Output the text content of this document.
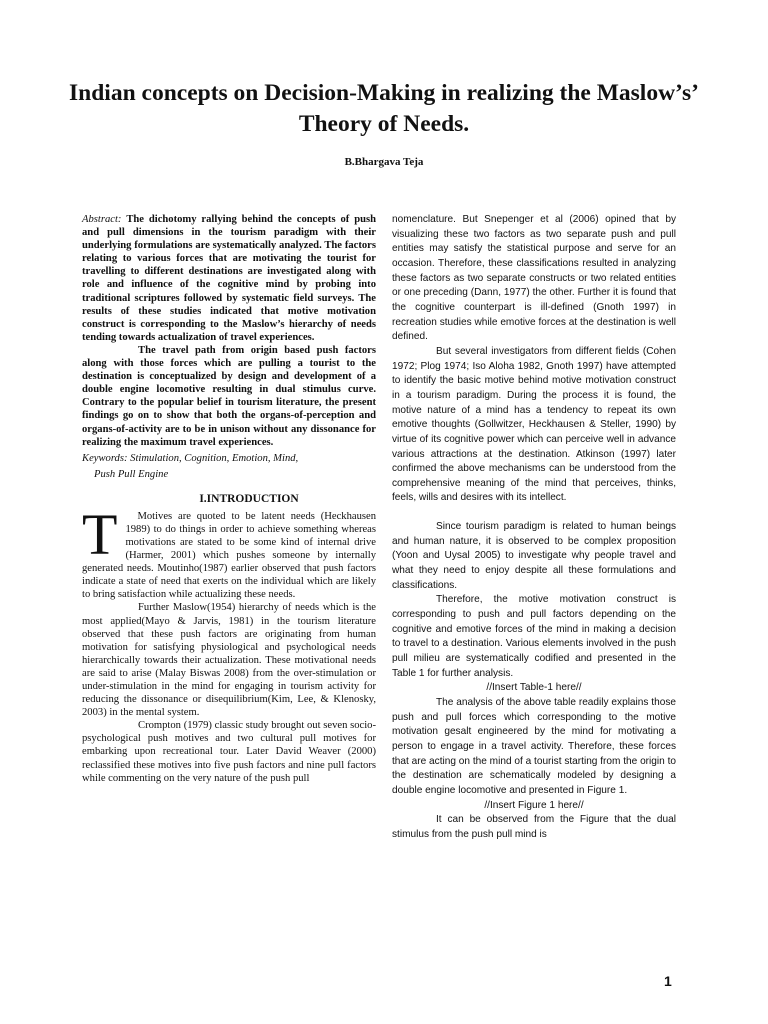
Indian concepts on Decision-Making in realizing the Maslow’s’ Theory of Needs.
B.Bhargava Teja

Abstract: The dichotomy rallying behind the concepts of push and pull dimensions in the tourism paradigm with their underlying formulations are systematically analyzed. The factors relating to various forces that are motivating the tourist for travelling to different destinations are investigated along with role and influence of the cognitive mind by probing into traditional scriptures followed by systematic field surveys. The results of these studies indicated that motive motivation construct is corresponding to the Maslow’s hierarchy of needs tending towards actualization of travel experiences.

The travel path from origin based push factors along with those forces which are pulling a tourist to the destination is conceptualized by design and development of a double engine locomotive resulting in dual stimulus curve. Contrary to the popular belief in tourism literature, the present findings go on to show that both the organs-of-perception and organs-of-activity are to be in unison without any dissonance for realizing the maximum travel experiences.

Keywords: Stimulation, Cognition, Emotion, Mind,

Push Pull Engine

I.INTRODUCTION
T	Motives are quoted to be latent needs (Heckhausen 1989) to do things in order to achieve something whereas motivations are stated to be some kind of internal drive (Harmer, 2001) which pushes someone by internally generated needs. Moutinho(1987) earlier observed that push factors indicate a state of need that exerts on the individual which are likely to bring satisfaction while actualizing these needs.

Further Maslow(1954) hierarchy of needs which is the most applied(Mayo & Jarvis, 1981) in the tourism literature observed that these push factors are originating from human motivation for satisfying physiological and psychological needs hierarchically towards their actualization. These motivational needs are said to arise (Malay Biswas 2008) from the over-stimulation or under-stimulation in the mind for engaging in tourism activity for reducing the dissonance or disequilibrium(Kim, Lee, & Klenosky, 2003) in the mental system.

Crompton (1979) classic study brought out seven socio-psychological push motives and two cultural pull motives for embarking upon recreational tour. Later David Weaver (2000) reclassified these motives into five push factors and nine pull factors while commenting on the very nature of the push pull

nomenclature. But Snepenger et al (2006) opined that by visualizing these two factors as two separate push and pull entities may satisfy the statistical purpose and serve for an occasion. Therefore, these classifications resulted in analyzing these factors as two separate constructs or two related entities or one preceding (Dann, 1977) the other. Further it is found that the cognitive counterpart is ill-defined (Gnoth 1997) in recreation studies while emotive forces at the destination is well defined.

But several investigators from different fields (Cohen 1972; Plog 1974; Iso Aloha 1982, Gnoth 1997) have attempted to identify the basic motive behind motive motivation construct in a tourism paradigm. During the process it is found, the motive nature of a mind has a tendency to repeat its own emotive thoughts (Gollwitzer, Heckhausen & Steller, 1990) by virtue of its cognitive power which can perceive well in advance various attractions at the destination. Atkinson (1997) later confirmed the above mechanisms can be understood from the comprehensive meaning of the mind that perceives, thinks, feels, wills and desires with its intellect.

Since tourism paradigm is related to human beings and human nature, it is observed to be complex proposition (Yoon and Uysal 2005) to investigate why people travel and what they need to enjoy despite all these formulations and classifications.

Therefore, the motive motivation construct is corresponding to push and pull factors depending on the cognitive and emotive forces of the mind in making a decision to travel to a destination. Various elements involved in the push pull milieu are systematically codified and presented in the Table 1 for further analysis.

//Insert Table-1 here//

The analysis of the above table readily explains those push and pull forces which corresponding to the motive motivation gesalt engineered by the mind for motivating a person to engage in a travel activity. Therefore, these forces that are acting on the mind of a tourist starting from the origin to the destination are schematically modeled by designing a double engine locomotive and presented in Figure 1.

//Insert Figure 1 here//

It can be observed from the Figure that the dual stimulus from the push pull mind is

1
